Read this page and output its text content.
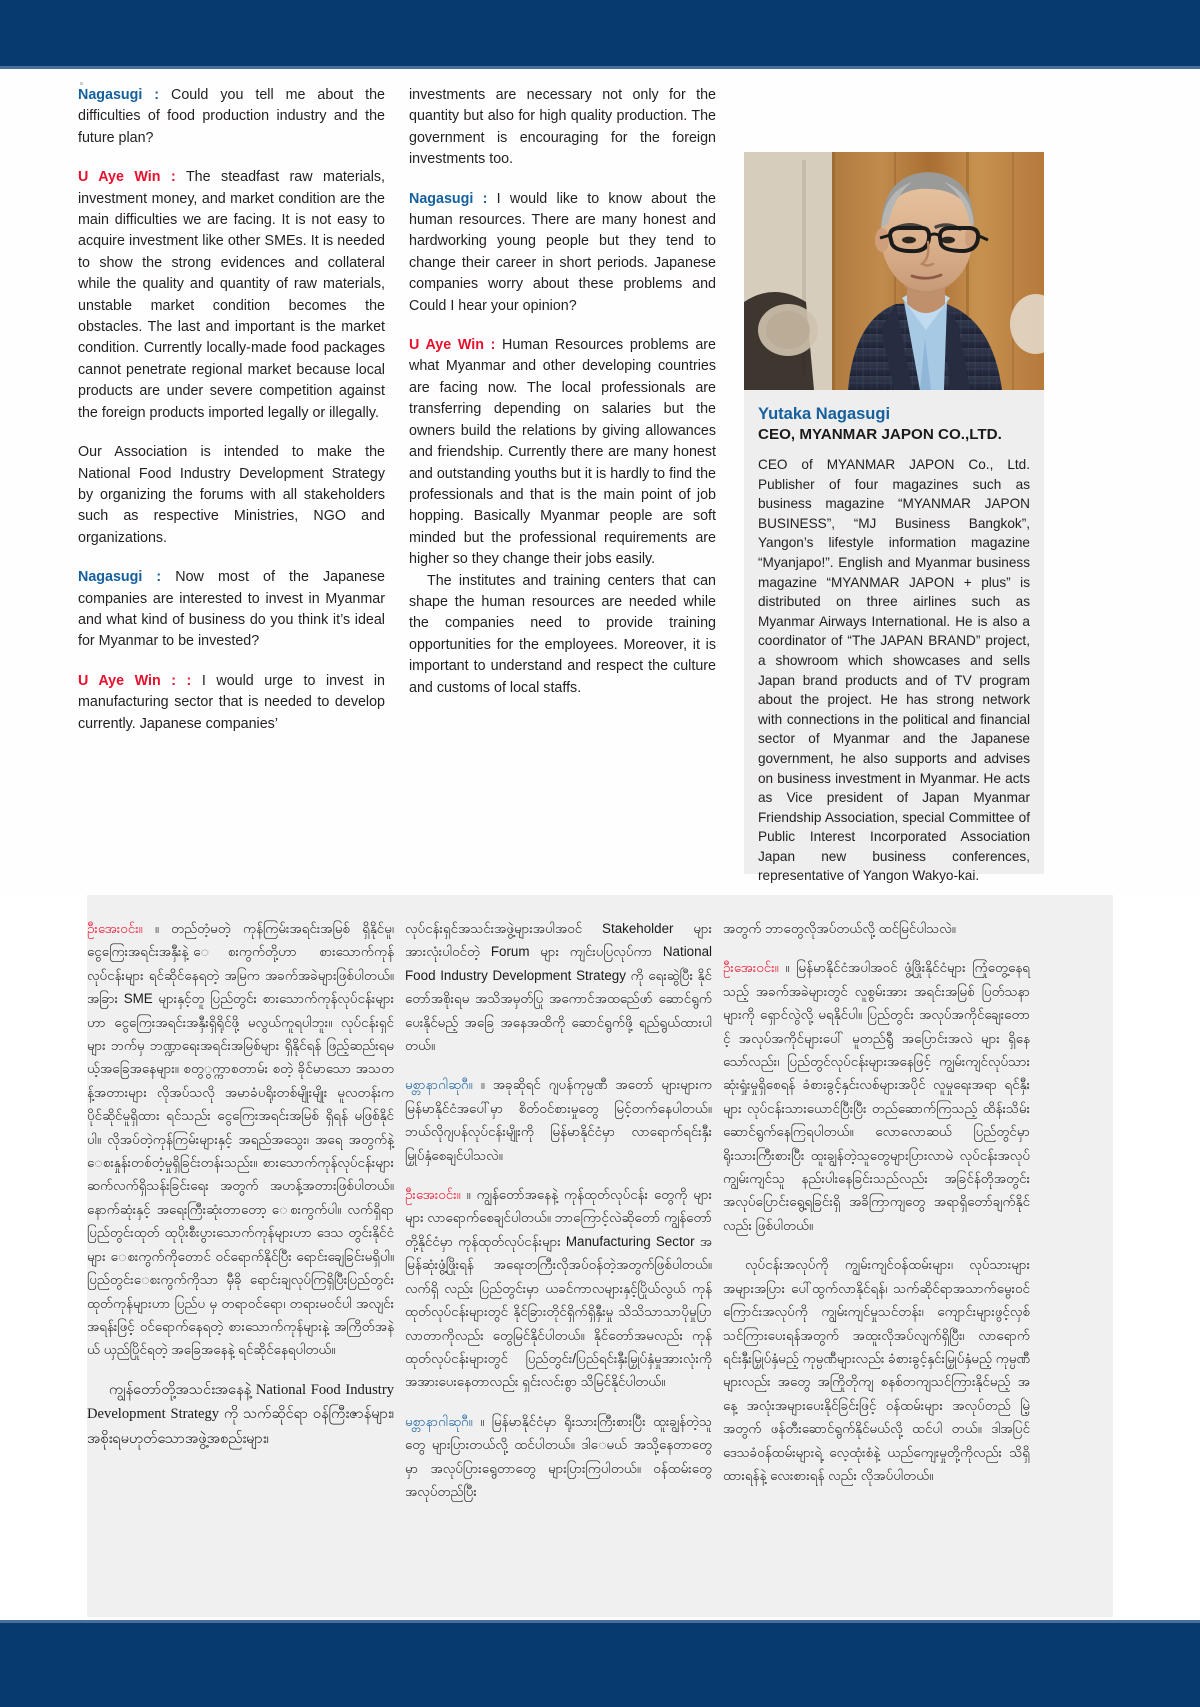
Nagasugi : Could you tell me about the difficulties of food production industry and the future plan?

U Aye Win : The steadfast raw materials, investment money, and market condition are the main difficulties we are facing. It is not easy to acquire investment like other SMEs. It is needed to show the strong evidences and collateral while the quality and quantity of raw materials, unstable market condition becomes the obstacles. The last and important is the market condition. Currently locally-made food packages cannot penetrate regional market because local products are under severe competition against the foreign products imported legally or illegally.

Our Association is intended to make the National Food Industry Development Strategy by organizing the forums with all stakeholders such as respective Ministries, NGO and organizations.

Nagasugi : Now most of the Japanese companies are interested to invest in Myanmar and what kind of business do you think it’s ideal for Myanmar to be invested?

U Aye Win : : I would urge to invest in manufacturing sector that is needed to develop currently. Japanese companies’

investments are necessary not only for the quantity but also for high quality production. The government is encouraging for the foreign investments too.

Nagasugi : I would like to know about the human resources. There are many honest and hardworking young people but they tend to change their career in short periods. Japanese companies worry about these problems and Could I hear your opinion?

U Aye Win : Human Resources problems are what Myanmar and other developing countries are facing now. The local professionals are transferring depending on salaries but the owners build the relations by giving allowances and friendship. Currently there are many honest and outstanding youths but it is hardly to find the professionals and that is the main point of job hopping. Basically Myanmar people are soft minded but the professional requirements are higher so they change their jobs easily.

The institutes and training centers that can shape the human resources are needed while the companies need to provide training opportunities for the employees. Moreover, it is important to understand and respect the culture and customs of local staffs.

Yutaka Nagasugi
CEO, MYANMAR JAPON CO.,LTD.

CEO of MYANMAR JAPON Co., Ltd. Publisher of four magazines such as business magazine “MYANMAR JAPON BUSINESS”, “MJ Business Bangkok”, Yangon’s lifestyle information magazine “Myanjapo!”. English and Myanmar business magazine “MYANMAR JAPON + plus” is distributed on three airlines such as Myanmar Airways International. He is also a coordinator of “The JAPAN BRAND” project, a showroom which showcases and sells Japan brand products and of TV program about the project. He has strong network with connections in the political and financial sector of Myanmar and the Japanese government, he also supports and advises on business investment in Myanmar. He acts as Vice president of Japan Myanmar Friendship Association, special Committee of Public Interest Incorporated Association Japan new business conferences, representative of Yangon Wakyo-kai.

ဦးအေးဝင်း။ ။ တည်တံ့မတဲ့ ကုန်ကြမ်းအရင်းအမြစ် ရှိနိုင်မူ၊ ငွေကြေးအရင်းအနှီးနဲ့ ေစးကွက်တို့ဟာ စားသောက်ကုန်လုပ်ငန်းများ ရင်ဆိုင်နေရတဲ့ အမြက အခက်အခဲများဖြစ်ပါတယ်။ အခြား SME များနှင့်တူ ပြည်တွင်း စားသောက်ကုန်လုပ်ငန်းများဟာ ငွေကြေးအရင်းအနှီးရှိရိုင်ဖို့ မလွယ်ကူရပါဘူး။ လုပ်ငန်းရှင်များ ဘက်မှ ဘဏ္ဍာရေးအရင်းအမြစ်များ ရှိနိုင်ရန် ဖြည့်ဆည်းရမယ့်အခြေအနေများ။ စတွွက္ကာစတာမ်း စတဲ့ ခိုင်မာသော အသတန့်အတားများ လိုအပ်သလို အမာခံပရိုးတစ်မျိုးမျိုး မူလတန်းက ပိုင်ဆိုင်မူရှိထား ရင်သည်း ငွေကြေးအရင်းအမြစ် ရှိရန် မဖြစ်နိုင်ပါ။ လိုအပ်တဲ့ကုန်ကြမ်းများနှင့် အရည်အသွေး၊ အရေ အတွက်နဲ့ ေစးနှုန်းတစ်တံ့မှုရှိခြင်းတန်းသည်း။ စားသောက်ကုန်လုပ်ငန်းများ ဆက်လက်ရှိသန်းခြင်းရေး အတွက် အဟန့်အတားဖြစ်ပါတယ်။ နောက်ဆုံးနှင့် အရေးကြီးဆုံးတာတော့ ေစးကွက်ပါ။ လက်ရှိရာ ပြည်တွင်းထုတ် ထုပိုးစီးပွားသောက်ကုန်များဟာ ဒေသ တွင်းနိုင်ငံများ ေစးကွက်ကိုတောင် ဝင်ရောက်နိုင်ပြီး ရောင်းချေခြင်းမရှိပါ။ ပြည်တွင်းေစးကွက်ကိုသာ မှီခို ရောင်းချလုပ်ကြရှိပြီးပြည်တွင်းထုတ်ကုန်များဟာ ပြည်ပ မှ တရာဝင်ရော၊ တရားမဝင်ပါ အလျင်းအရန်းဖြင့် ဝင်ရောက်နေရတဲ့ စားသောက်ကုန်များနဲ့ အကြိတ်အနဲယ် ယှည်ပြိုင်ရတဲ့ အခြေအနေနဲ့ ရင်ဆိုင်နေရပါတယ်။

ကျွန်တော်တို့အသင်းအနေနဲ့ National Food Industry Development Strategy ကို သက်ဆိုင်ရာ ဝန်ကြီးဇာန်များ၊ အစိုးရမဟုတ်သောအဖွဲ့အစည်းများ၊

လုပ်ငန်းရှင်အသင်းအဖွဲ့များအပါအဝင် Stakeholder များအားလုံးပါဝင်တဲ့ Forum များ ကျင်းပပြလုပ်ကာ National Food Industry Development Strategy ကို ရေးဆွဲပြီး နိုင်တော်အစိုးရမ အသိအမှတ်ပြု အကောင်အထည်ေဖာ် ဆောင်ရွက်ပေးနိုင်မည့် အခြေ အနေအထိကို ဆောင်ရွက်ဖို့ ရည်ရွယ်ထားပါတယ်။

မစ္တာနာဂါဆုဂီ။ ။ အခုဆိုရင် ဂျပန်ကုမ္ပဏီ အတော် များများက မြန်မာနိုင်ငံအပေါ်မှာ စိတ်ဝင်စားမှုတွေ မြင့်တက်နေပါတယ်။ ဘယ်လိုဂျပန်လုပ်ငန်းမျိုးကို မြန်မာနိုင်ငံမှာ လာရောက်ရင်းနှီးမြှုပ်နှံစေချင်ပါသလဲ။

ဦးအေးဝင်း။ ။ ကျွန်တော်အနေနဲ့ ကုန်ထုတ်လုပ်ငန်း တွေကို များများ လာရောက်စေချင်ပါတယ်။ ဘာကြောင့်လဲဆိုတော် ကျွန်တော်တို့နိုင်ငံမှာ ကုန်ထုတ်လုပ်ငန်းများ Manufacturing Sector အမြန်ဆုံးဖွံ့ဖြိုးရန် အရေးတကြီးလိုအပ်ဝန်တဲ့အတွက်ဖြစ်ပါတယ်။ လက်ရှိ လည်း ပြည်တွင်းမှာ ယခင်ကာလများနှင့်ပြိုယ်လွယ် ကုန်ထုတ်လုပ်ငန်းများတွင် နိုင်ခြားတိုင်ရှိက်ရှိနှီးမှု သိသိသာသာပိုမှုပြာလာတာကိုလည်း တွေမြင်နိုင်ပါတယ်။ နိုင်တော်အမလည်း ကုန်ထုတ်လုပ်ငန်းများတွင် ပြည်တွင်း/ပြည်ရင်းနှီးမြှုပ်နှံမှုအားလုံးကို အအားပေးနေတာလည်း ရှင်းလင်းစွာ သိမြင်နိုင်ပါတယ်။

မစ္တာနာဂါဆုဂီ။ ။ မြန်မာနိုင်ငံမှာ ရိုးသားကြီးစားပြီး ထူးချွန်တဲ့သူတွေ များပြားတယ်လို့ ထင်ပါတယ်။ ဒါေမယ် အသို့နေတာတွေမှာ အလုပ်ပြားရွေတာတွေ များပြားကြပါတယ်။ ဝန်ထမ်းတွေ အလုပ်တည်ပြီး

အတွက် ဘာတွေလိုအပ်တယ်လို့ ထင်မြင်ပါသလဲ။

ဦးအေးဝင်း။ ။ မြန်မာနိုင်ငံအပါအဝင် ဖွံ့ဖြိုးနိုင်ငံများ ကြုံတွေ့နေရသည့် အခက်အခဲများတွင် လူစွမ်းအား အရင်းအမြစ် ပြတ်သနာများကို ရှောင်လွဲလို့ မရနိုင်ပါ။ ပြည်တွင်း အလုပ်အကိုင်ချေးတောင့် အလုပ်အကိုင်များပေါ် မူတည်ရွီ အပြောင်းအလဲ များ ရှိနေသော်လည်း၊ ပြည်တွင်လုပ်ငန်းများအနေဖြင့် ကျွမ်းကျင်လုပ်သား ဆုံးရှုံးမှုရှိစေရန် ခံစားခွင့်နှင်းလစ်များအပိုင် လူမှုရေးအရာ ရင်နှီးများ လုပ်ငန်းသားယောင်ပြီးပြီး တည်ဆောက်ကြသည့် ထိန်းသိမ်း ဆောင်ရွက်နေကြရပါတယ်။ လောလောဆယ် ပြည်တွင်မှာ ရိုးသားကြီးစားပြီး ထူးချွန်တဲ့သူတွေများပြားလာမဲ လုပ်ငန်းအလုပ်ကျွမ်းကျင်သူ နည်းပါးနေခြင်းသည်လည်း အခြင်န်တိုအတွင်း အလုပ်ပြောင်းရွေ့ရခြင်းရှိ အခိကြာကျတွေ အရာရှိတော်ချက်နိုင်လည်း ဖြစ်ပါတယ်။

လုပ်ငန်းအလုပ်ကို ကျွမ်းကျင်ဝန်ထမ်းများ၊ လုပ်သားများ အများအပြား ပေါ်ထွက်လာနိုင်ရန်၊ သက်ဆိုင်ရာအသာက်မွေးဝင်ကြောင်းအလုပ်ကို ကျွမ်းကျင်မှုသင်တန်း၊ ကျောင်းများဖွင့်လှစ်သင်ကြားပေးရန်အတွက် အထူးလိုအပ်လျက်ရှိပြီး၊ လာရောက်ရင်းနှီးမြှုပ်နှံမည့် ကုမ္ပဏီများလည်း ခံစားခွင့်နှင်းမြှုပ်နှံမည့် ကုမ္ပဏီများလည်း အတွေ အကြိုတိုကျ စနစ်တကျသင်ကြားနိုင်မည့် အနေ့ အလုံးအများပေးနိုင်ခြင်းဖြင့် ဝန်ထမ်းများ အလုပ်တည် မြဲ့အတွက် ဖန်တီးဆောင်ရွက်နိုင်မယ်လို့ ထင်ပါ တယ်။ ဒါအပြင် ဒေသခံဝန်ထမ်းများရဲ့ လေ့ထုံးစံနဲ့ ယည်ကျေးမှုတို့ကိုလည်း သိရှိထားရန်နဲ့ လေးစားရန် လည်း လိုအပ်ပါတယ်။
